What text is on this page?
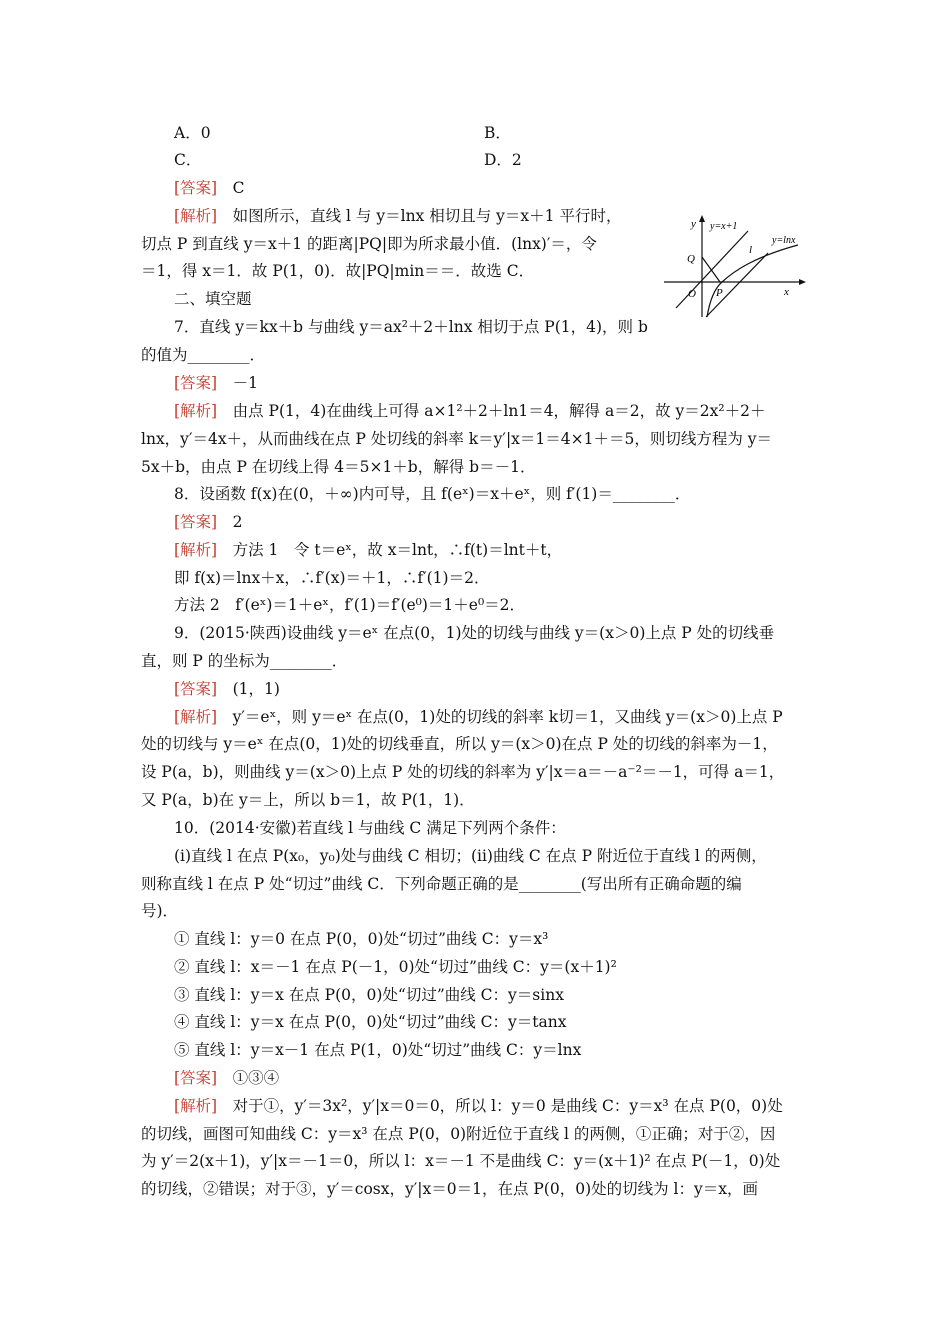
A．0	B．
C．	D．2
[答案]　 C
[解析]　 如图所示，直线 l 与 y＝lnx 相切且与 y＝x＋1 平行时，
切点 P 到直线 y＝x＋1 的距离|PQ|即为所求最小值．(lnx)′＝，令
＝1，得 x＝1．故 P(1，0)．故|PQ|min＝＝．故选 C．
二、填空题
7．直线 y＝kx＋b 与曲线 y＝ax²＋2＋lnx 相切于点 P(1，4)，则 b
的值为________．
[答案]　 －1
[解析]　 由点 P(1，4)在曲线上可得 a×1²＋2＋ln1＝4，解得 a＝2，故 y＝2x²＋2＋
lnx，y′＝4x＋，从而曲线在点 P 处切线的斜率 k＝y′|x＝1＝4×1＋＝5，则切线方程为 y＝
5x＋b，由点 P 在切线上得 4＝5×1＋b，解得 b＝－1．
8．设函数 f(x)在(0，＋∞)内可导，且 f(eˣ)＝x＋eˣ，则 f′(1)＝________．
[答案]　 2
[解析]　 方法 1　令 t＝eˣ，故 x＝lnt，∴f(t)＝lnt＋t，
即 f(x)＝lnx＋x，∴f′(x)＝＋1，∴f′(1)＝2．
方法 2　f′(eˣ)＝1＋eˣ，f′(1)＝f′(e⁰)＝1＋e⁰＝2．
9．(2015·陕西)设曲线 y＝eˣ 在点(0，1)处的切线与曲线 y＝(x＞0)上点 P 处的切线垂
直，则 P 的坐标为________．
[答案]　 (1，1)
[解析]　 y′＝eˣ，则 y＝eˣ 在点(0，1)处的切线的斜率 k切＝1，又曲线 y＝(x＞0)上点 P
处的切线与 y＝eˣ 在点(0，1)处的切线垂直，所以 y＝(x＞0)在点 P 处的切线的斜率为－1，
设 P(a，b)，则曲线 y＝(x＞0)上点 P 处的切线的斜率为 y′|x＝a＝－a⁻²＝－1，可得 a＝1，
又 P(a，b)在 y＝上，所以 b＝1，故 P(1，1)．
10．(2014·安徽)若直线 l 与曲线 C 满足下列两个条件：
(ⅰ)直线 l 在点 P(x₀，y₀)处与曲线 C 相切；(ⅱ)曲线 C 在点 P 附近位于直线 l 的两侧，
则称直线 l 在点 P 处“切过”曲线 C．下列命题正确的是________(写出所有正确命题的编
号)．
① 直线 l：y＝0 在点 P(0，0)处“切过”曲线 C：y＝x³
② 直线 l：x＝－1 在点 P(－1，0)处“切过”曲线 C：y＝(x＋1)²
③ 直线 l：y＝x 在点 P(0，0)处“切过”曲线 C：y＝sinx
④ 直线 l：y＝x 在点 P(0，0)处“切过”曲线 C：y＝tanx
⑤ 直线 l：y＝x－1 在点 P(1，0)处“切过”曲线 C：y＝lnx
[答案]　 ①③④
[解析]　 对于①，y′＝3x²，y′|x＝0＝0，所以 l：y＝0 是曲线 C：y＝x³ 在点 P(0，0)处
的切线，画图可知曲线 C：y＝x³ 在点 P(0，0)附近位于直线 l 的两侧，①正确；对于②，因
为 y′＝2(x＋1)，y′|x＝－1＝0，所以 l：x＝－1 不是曲线 C：y＝(x＋1)² 在点 P(－1，0)处
的切线，②错误；对于③，y′＝cosx，y′|x＝0＝1，在点 P(0，0)处的切线为 l：y＝x，画
y
x
y=x+1
l
y=lnx
Q
O P
